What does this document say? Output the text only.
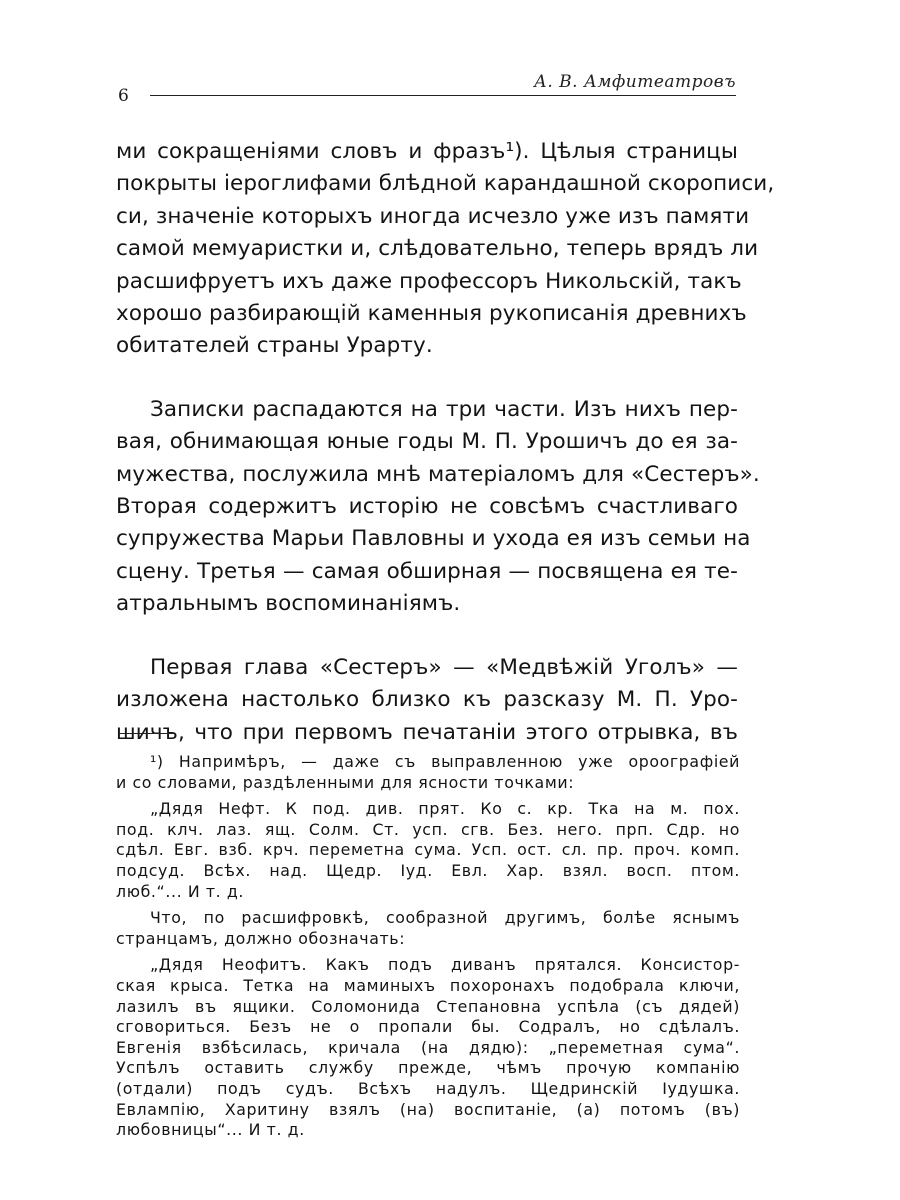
6
А. В. Амфитеатровъ
ми сокращеніями словъ и фразъ¹). Цѣлыя страницы
покрыты іероглифами блѣдной карандашной скорописи,
си, значеніе которыхъ иногда исчезло уже изъ памяти
самой мемуаристки и, слѣдовательно, теперь врядъ ли
расшифруетъ ихъ даже профессоръ Никольскій, такъ
хорошо разбирающій каменныя рукописанія древнихъ
обитателей страны Урарту.
Записки распадаются на три части. Изъ нихъ пер-
вая, обнимающая юные годы М. П. Урошичъ до ея за-
мужества, послужила мнѣ матеріаломъ для «Сестеръ».
Вторая содержитъ исторію не совсѣмъ счастливаго
супружества Марьи Павловны и ухода ея изъ семьи на
сцену. Третья — самая обширная — посвящена ея те-
атральнымъ воспоминаніямъ.
Первая глава «Сестеръ» — «Медвѣжій Уголъ» —
изложена настолько близко къ разсказу М. П. Уро-
шичъ, что при первомъ печатаніи этого отрывка, въ
¹) Напримѣръ, — даже съ выправленною уже ороографіей
и со словами, раздѣленными для ясности точками:
„Дядя Нефт. К под. див. прят. Ко с. кр. Тка на м. пох.
под. клч. лаз. ящ. Солм. Ст. усп. сгв. Без. него. прп. Сдр. но
сдѣл. Евг. взб. крч. переметна сума. Усп. ост. сл. пр. проч. комп.
подсуд. Всѣх. над. Щедр. Іуд. Евл. Хар. взял. восп. птом.
люб.“... И т. д.
Что, по расшифровкѣ, сообразной другимъ, болѣе яснымъ
странцамъ, должно обозначать:
„Дядя Неофитъ. Какъ подъ диванъ прятался. Консистор-
ская крыса. Тетка на маминыхъ похоронахъ подобрала ключи,
лазилъ въ ящики. Соломонида Степановна успѣла (съ дядей)
сговориться. Безъ не о пропали бы. Содралъ, но сдѣлалъ.
Евгенія взбѣсилась, кричала (на дядю): „переметная сума“.
Успѣлъ оставить службу прежде, чѣмъ прочую компанію
(отдали) подъ судъ. Всѣхъ надулъ. Щедринскій Іудушка.
Евлампію, Харитину взялъ (на) воспитаніе, (а) потомъ (въ)
любовницы“... И т. д.
